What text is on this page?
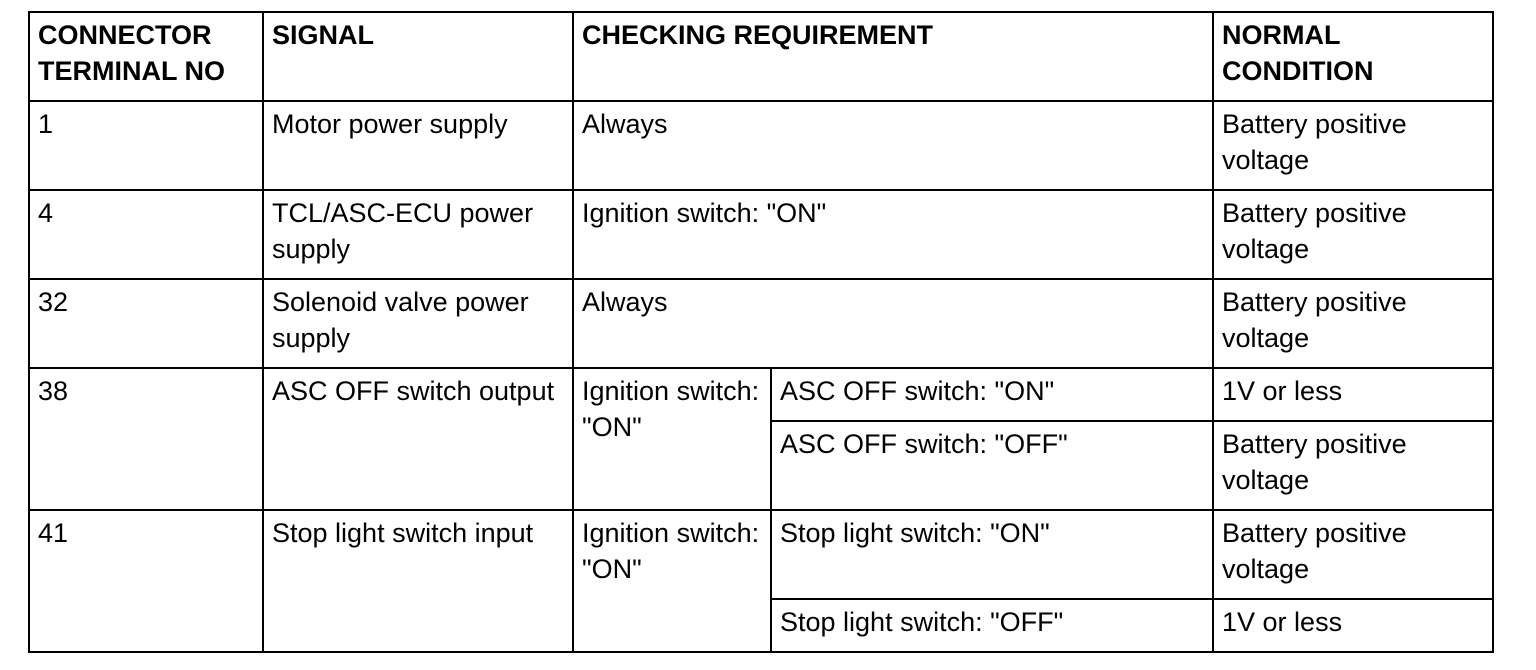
CONNECTOR TERMINAL NO	SIGNAL	CHECKING REQUIREMENT		NORMAL CONDITION
1	Motor power supply	Always		Battery positive voltage
4	TCL/ASC-ECU power supply	Ignition switch: "ON"		Battery positive voltage
32	Solenoid valve power supply	Always		Battery positive voltage
38	ASC OFF switch output	Ignition switch: "ON"	ASC OFF switch: "ON"	1V or less
			ASC OFF switch: "OFF"	Battery positive voltage
41	Stop light switch input	Ignition switch: "ON"	Stop light switch: "ON"	Battery positive voltage
			Stop light switch: "OFF"	1V or less
